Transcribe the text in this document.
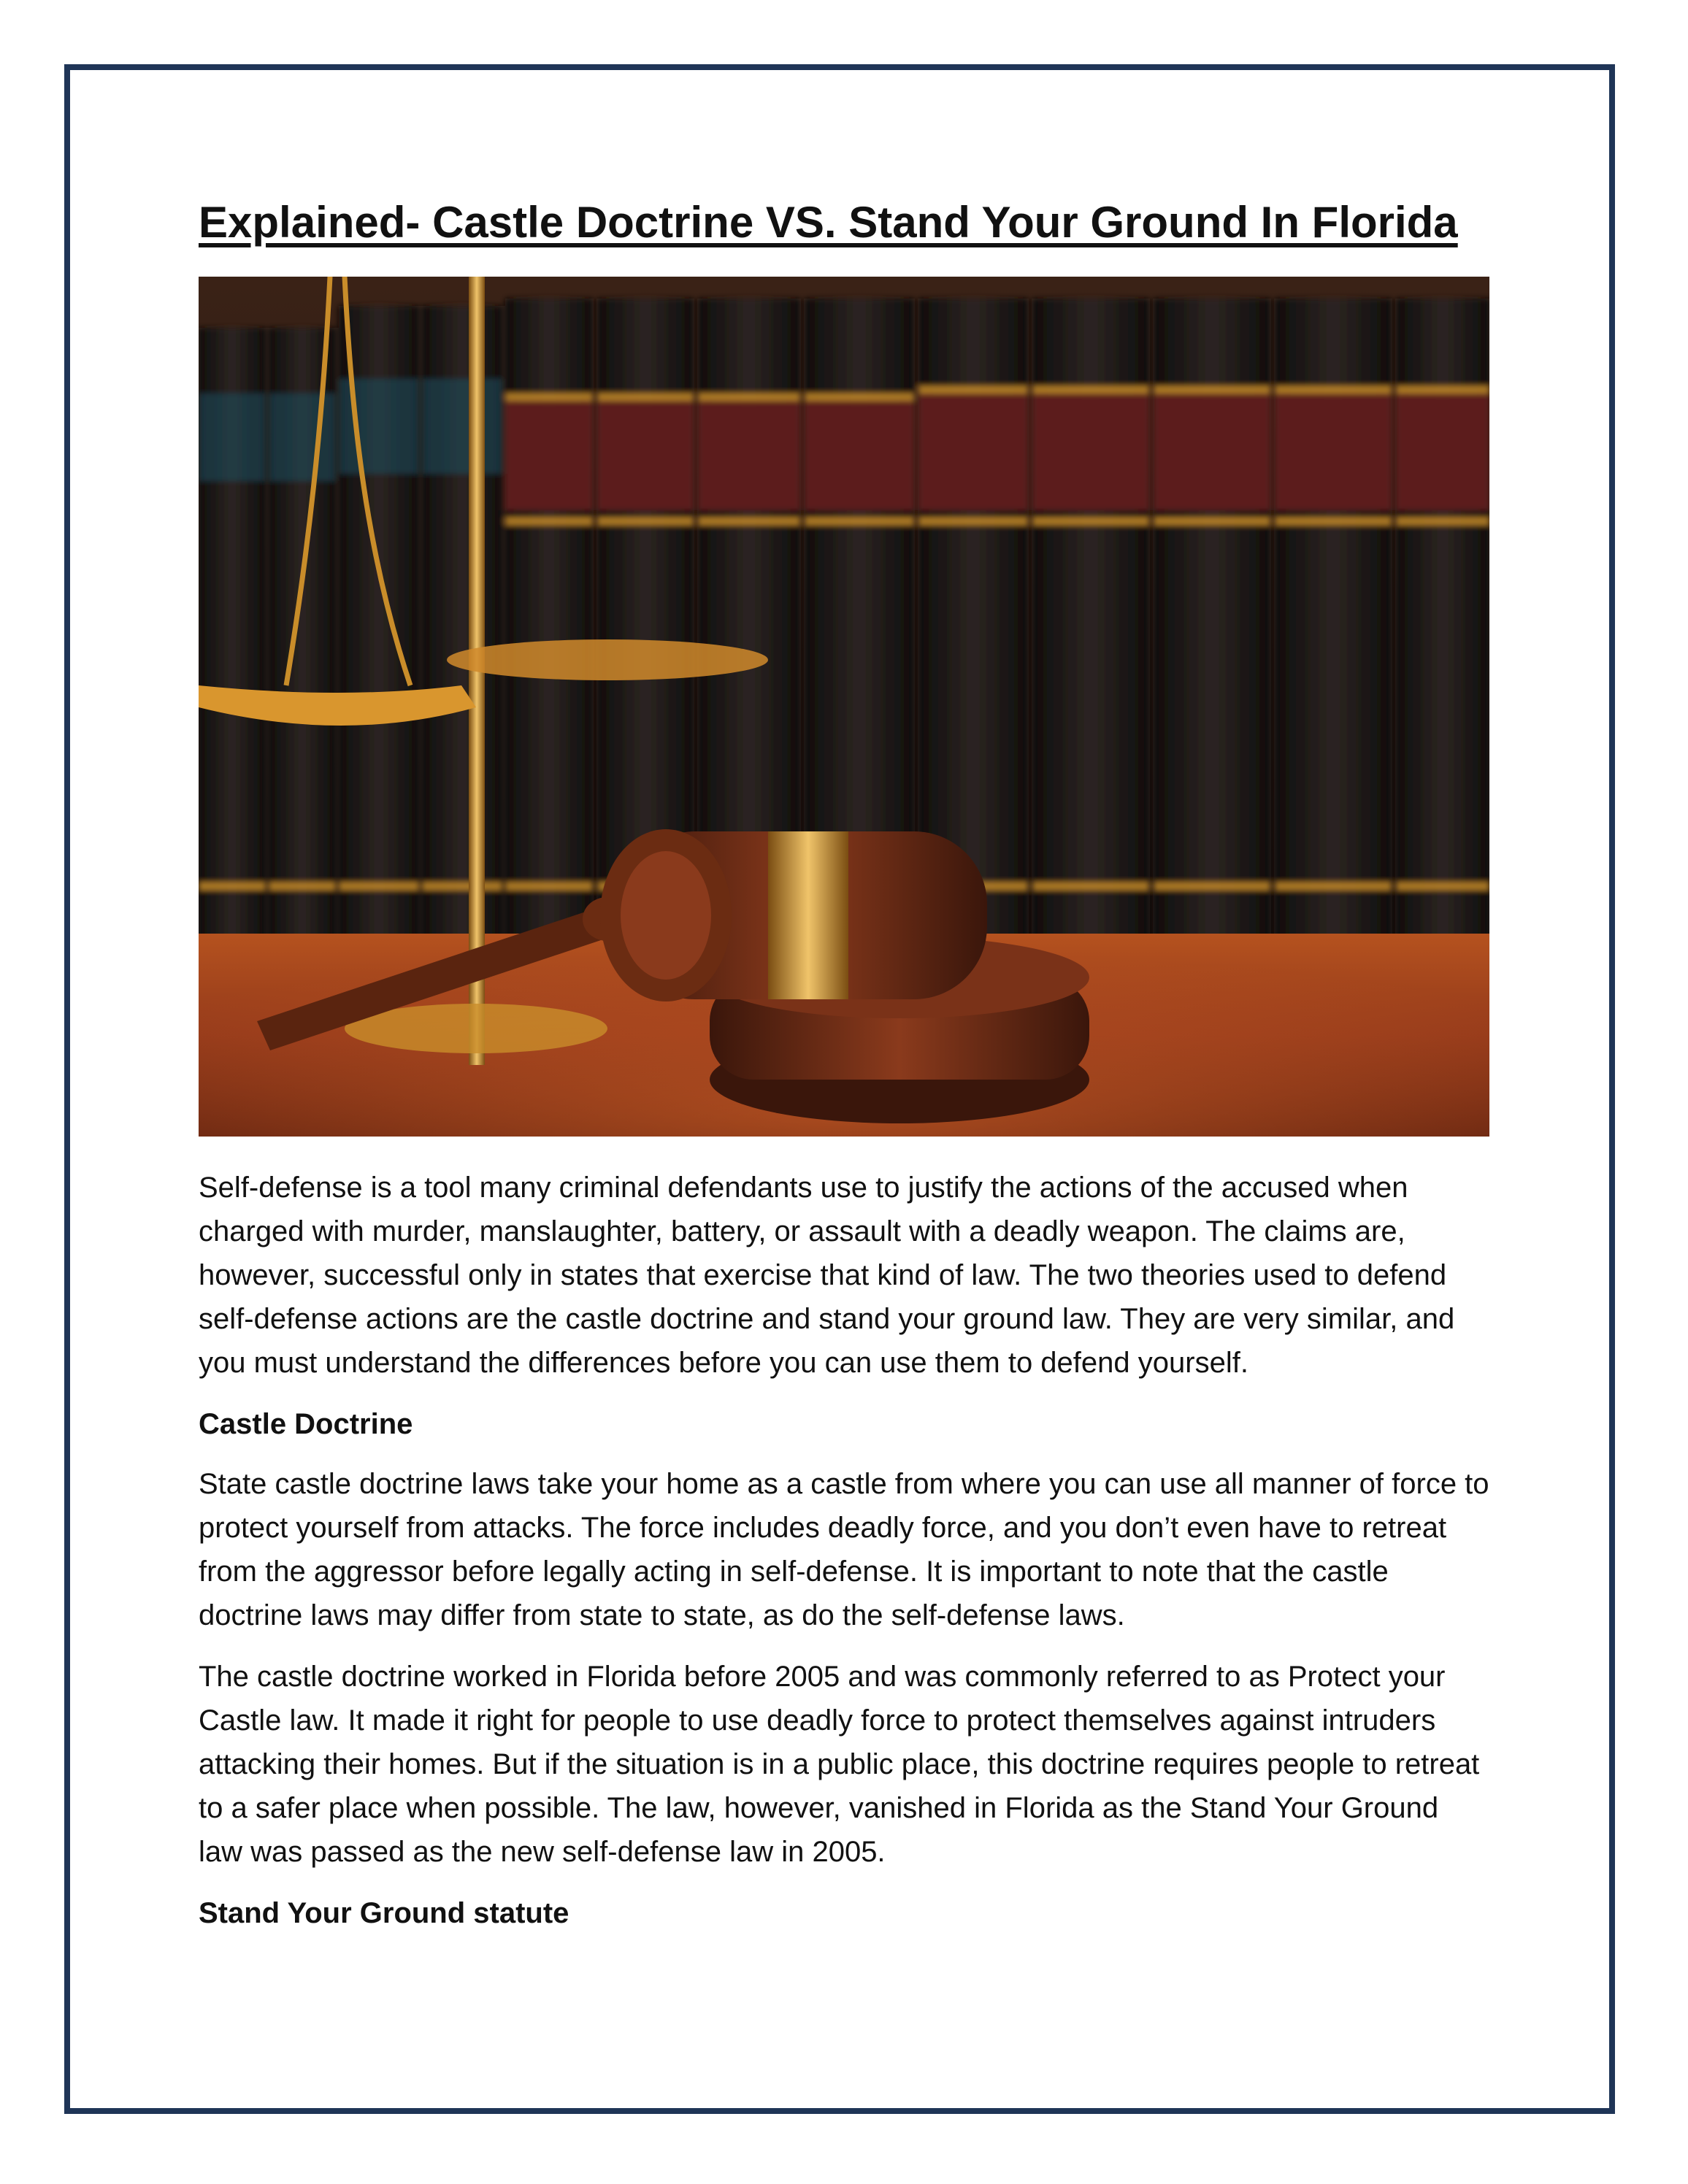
Explained- Castle Doctrine VS. Stand Your Ground In Florida

Self-defense is a tool many criminal defendants use to justify the actions of the accused when charged with murder, manslaughter, battery, or assault with a deadly weapon. The claims are, however, successful only in states that exercise that kind of law. The two theories used to defend self-defense actions are the castle doctrine and stand your ground law. They are very similar, and you must understand the differences before you can use them to defend yourself.

Castle Doctrine

State castle doctrine laws take your home as a castle from where you can use all manner of force to protect yourself from attacks. The force includes deadly force, and you don’t even have to retreat from the aggressor before legally acting in self-defense. It is important to note that the castle doctrine laws may differ from state to state, as do the self-defense laws.

The castle doctrine worked in Florida before 2005 and was commonly referred to as Protect your Castle law. It made it right for people to use deadly force to protect themselves against intruders attacking their homes. But if the situation is in a public place, this doctrine requires people to retreat to a safer place when possible. The law, however, vanished in Florida as the Stand Your Ground law was passed as the new self-defense law in 2005.

Stand Your Ground statute
